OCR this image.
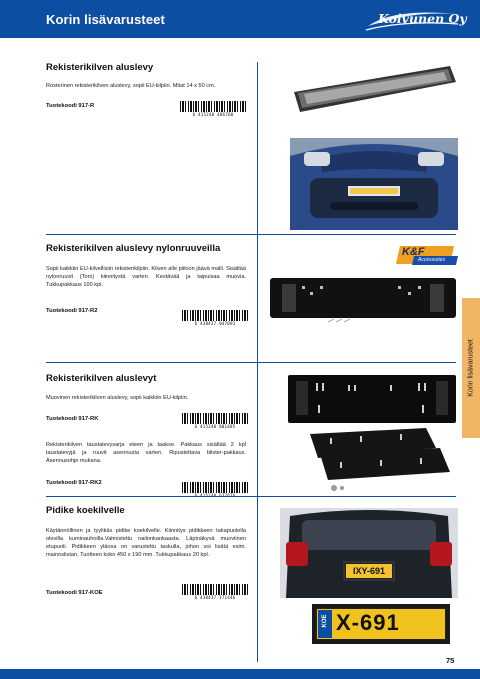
Korin lisävarusteet	Koivunen Oy
Rekisterikilven aluslevy
Rosterinen rekisterikilven aluslevy, sopii EU-kilpiin. Mitat 14 x 50 cm.
Tuotekoodi 917-R
6 415240 486760
Rekisterikilven aluslevy nylonruuveilla
Sopii kaikkiin EU-kilvellisiin rekisterikilpiin. Kilven alle piiloon jäävä malli. Sisältää nylonruuvit (Torx) kiinnitystä varten. Kestävää ja taipuisaa muovia. Tukkupakkaus 100 kpl.
Tuotekoodi 917-R2
6 438437 047093
K&F
Accessories
Rekisterikilven aluslevyt
Muovinen rekisterikilven aluslevy, sopii kaikkiin EU-kilpiin.
Tuotekoodi 917-RK
6 415240 801485
Rekisterikilven taustalevysarja eteen ja taakse. Pakkaus sisältää 2 kpl taustalevyjä ja ruuvit asennusta varten. Ripustettava blister-pakkaus. Asennusohje mukana.
Tuotekoodi 917-RK2
Pidike koekilvelle
Käytännöllinen ja tyylikäs pidike koekilvelle. Kiinnitys pidikkeen takapuolella olevilla kuminauhoilla.Valmistettu nailonkankaasta. Läpinäkyvä muoviinen etupuoli. Pidikkeen yläosa on varustettu taskulla, johon voi lisätä esim. mainoslistan. Tuotteen koko 450 x 190 mm. Tukkupakkaus 20 kpl.
Tuotekoodi 917-KOE
6 438437 171446
IXY-691
KOE X-691
Korin lisävarusteet
75
